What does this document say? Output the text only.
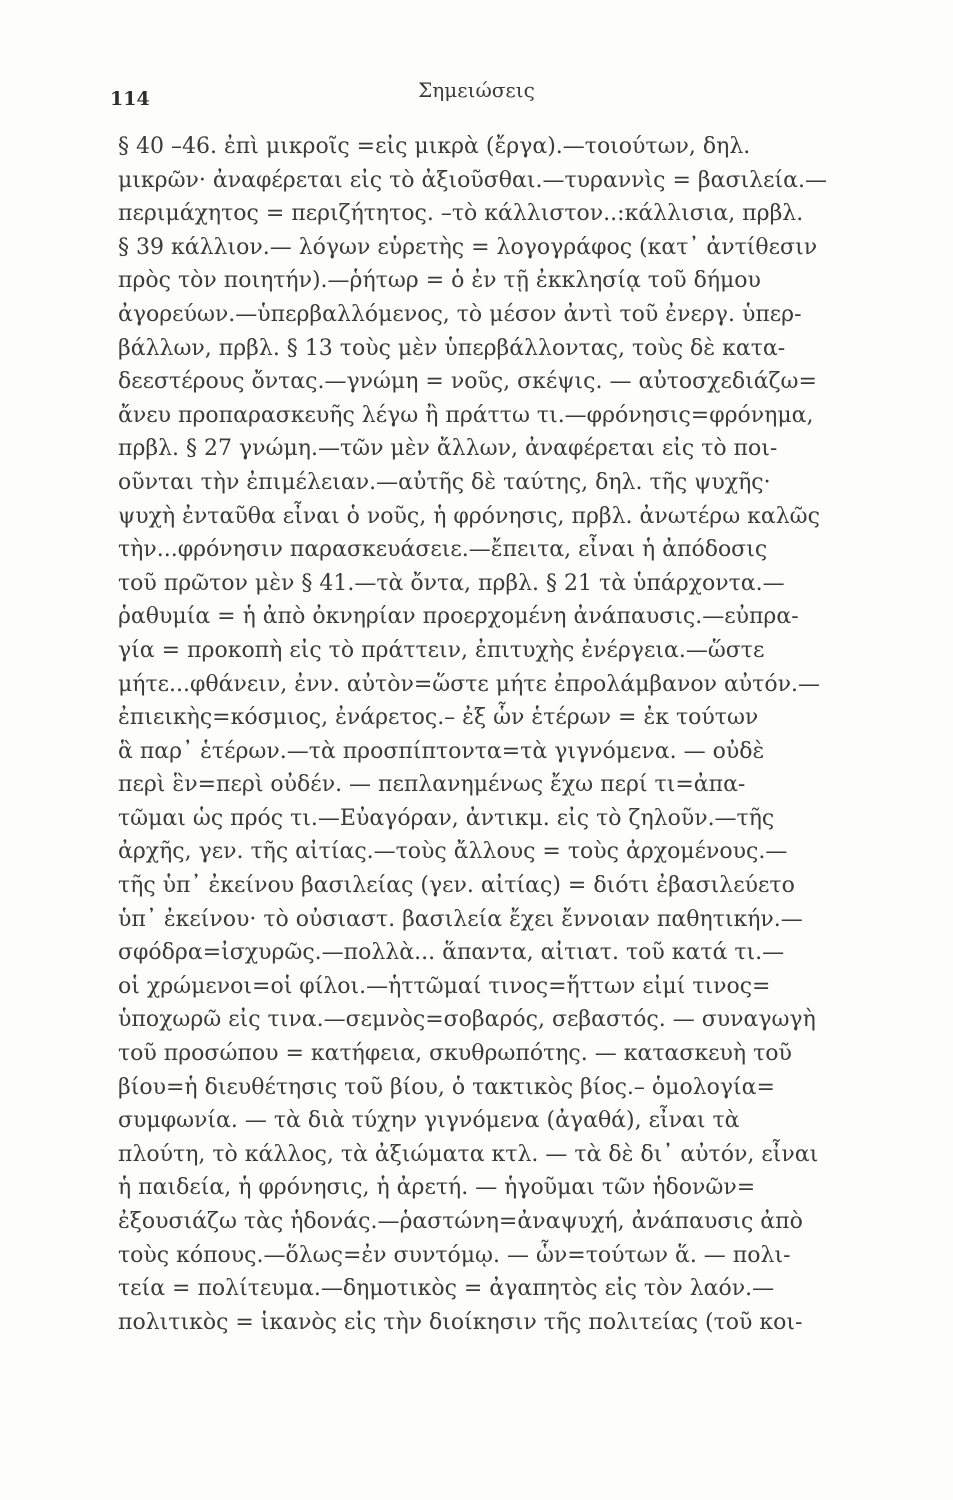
114	Σημειώσεις
§ 40 –46. ἐπὶ μικροῖς =εἰς μικρὰ (ἔργα).—τοιούτων, δηλ.
μικρῶν· ἀναφέρεται εἰς τὸ ἀξιοῦσθαι.—τυραννὶς = βασιλεία.—
περιμάχητος = περιζήτητος. –τὸ κάλλιστον..:κάλλισια, πρβλ.
§ 39 κάλλιον.— λόγων εὑρετὴς = λογογράφος (κατ᾿ ἀντίθεσιν
πρὸς τὸν ποιητήν).—ῥήτωρ = ὁ ἐν τῇ ἐκκλησίᾳ τοῦ δήμου
ἀγορεύων.—ὑπερβαλλόμενος, τὸ μέσον ἀντὶ τοῦ ἐνεργ. ὑπερ-
βάλλων, πρβλ. § 13 τοὺς μὲν ὑπερβάλλοντας, τοὺς δὲ κατα-
δεεστέρους ὄντας.—γνώμη = νοῦς, σκέψις. — αὐτοσχεδιάζω=
ἄνευ προπαρασκευῆς λέγω ἢ πράττω τι.—φρόνησις=φρόνημα,
πρβλ. § 27 γνώμη.—τῶν μὲν ἄλλων, ἀναφέρεται εἰς τὸ ποι-
οῦνται τὴν ἐπιμέλειαν.—αὐτῆς δὲ ταύτης, δηλ. τῆς ψυχῆς·
ψυχὴ ἐνταῦθα εἶναι ὁ νοῦς, ἡ φρόνησις, πρβλ. ἀνωτέρω καλῶς
τὴν...φρόνησιν παρασκευάσειε.—ἔπειτα, εἶναι ἡ ἀπόδοσις
τοῦ πρῶτον μὲν § 41.—τὰ ὄντα, πρβλ. § 21 τὰ ὑπάρχοντα.—
ῥαθυμία = ἡ ἀπὸ ὀκνηρίαν προερχομένη ἀνάπαυσις.—εὐπρα-
γία = προκοπὴ εἰς τὸ πράττειν, ἐπιτυχὴς ἐνέργεια.—ὥστε
μήτε...φθάνειν, ἐνν. αὐτὸν=ὥστε μήτε ἐπρολάμβανον αὐτόν.—
ἐπιεικὴς=κόσμιος, ἐνάρετος.– ἐξ ὧν ἑτέρων = ἐκ τούτων
ἃ παρ᾿ ἑτέρων.—τὰ προσπίπτοντα=τὰ γιγνόμενα. — οὐδὲ
περὶ ἓν=περὶ οὐδέν. — πεπλανημένως ἔχω περί τι=ἀπα-
τῶμαι ὡς πρός τι.—Εὐαγόραν, ἀντικμ. εἰς τὸ ζηλοῦν.—τῆς
ἀρχῆς, γεν. τῆς αἰτίας.—τοὺς ἄλλους = τοὺς ἀρχομένους.—
τῆς ὑπ᾿ ἐκείνου βασιλείας (γεν. αἰτίας) = διότι ἐβασιλεύετο
ὑπ᾿ ἐκείνου· τὸ οὐσιαστ. βασιλεία ἔχει ἔννοιαν παθητικήν.—
σφόδρα=ἰσχυρῶς.—πολλὰ... ἅπαντα, αἰτιατ. τοῦ κατά τι.—
οἱ χρώμενοι=οἱ φίλοι.—ἡττῶμαί τινος=ἥττων εἰμί τινος=
ὑποχωρῶ εἰς τινα.—σεμνὸς=σοβαρός, σεβαστός. — συναγωγὴ
τοῦ προσώπου = κατήφεια, σκυθρωπότης. — κατασκευὴ τοῦ
βίου=ἡ διευθέτησις τοῦ βίου, ὁ τακτικὸς βίος.– ὁμολογία=
συμφωνία. — τὰ διὰ τύχην γιγνόμενα (ἀγαθά), εἶναι τὰ
πλούτη, τὸ κάλλος, τὰ ἀξιώματα κτλ. — τὰ δὲ δι᾿ αὐτόν, εἶναι
ἡ παιδεία, ἡ φρόνησις, ἡ ἀρετή. — ἡγοῦμαι τῶν ἡδονῶν=
ἐξουσιάζω τὰς ἡδονάς.—ῥαστώνη=ἀναψυχή, ἀνάπαυσις ἀπὸ
τοὺς κόπους.—ὅλως=ἐν συντόμῳ. — ὧν=τούτων ἅ. — πολι-
τεία = πολίτευμα.—δημοτικὸς = ἀγαπητὸς εἰς τὸν λαόν.—
πολιτικὸς = ἱκανὸς εἰς τὴν διοίκησιν τῆς πολιτείας (τοῦ κοι-
